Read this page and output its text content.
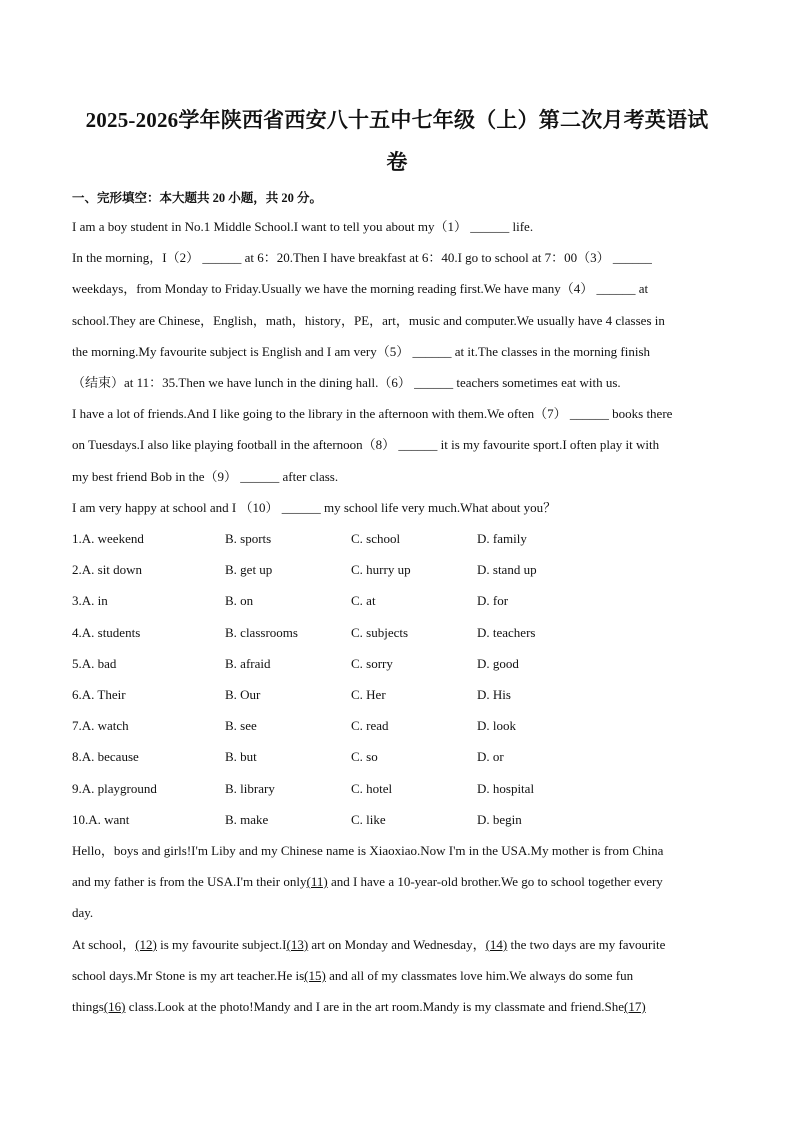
2025-2026学年陕西省西安八十五中七年级（上）第二次月考英语试
卷
一、完形填空：本大题共 20 小题，共 20 分。
I am a boy student in No.1 Middle School.I want to tell you about my（1） ______ life.
In the morning，I（2） ______ at 6：20.Then I have breakfast at 6：40.I go to school at 7：00（3） ______
weekdays，from Monday to Friday.Usually we have the morning reading first.We have many（4） ______ at
school.They are Chinese，English，math，history，PE，art，music and computer.We usually have 4 classes in
the morning.My favourite subject is English and I am very（5） ______ at it.The classes in the morning finish
（结束）at 11：35.Then we have lunch in the dining hall.（6） ______ teachers sometimes eat with us.
I have a lot of friends.And I like going to the library in the afternoon with them.We often（7） ______ books there
on Tuesdays.I also like playing football in the afternoon（8） ______ it is my favourite sport.I often play it with
my best friend Bob in the（9） ______ after class.
I am very happy at school and I （10） ______ my school life very much.What about you？
1.A. weekend	B. sports	C. school	D. family
2.A. sit down	B. get up	C. hurry up	D. stand up
3.A. in	B. on	C. at	D. for
4.A. students	B. classrooms	C. subjects	D. teachers
5.A. bad	B. afraid	C. sorry	D. good
6.A. Their	B. Our	C. Her	D. His
7.A. watch	B. see	C. read	D. look
8.A. because	B. but	C. so	D. or
9.A. playground	B. library	C. hotel	D. hospital
10.A. want	B. make	C. like	D. begin
Hello，boys and girls!I'm Liby and my Chinese name is Xiaoxiao.Now I'm in the USA.My mother is from China
and my father is from the USA.I'm their only(11) and I have a 10-year-old brother.We go to school together every
day.
At school，(12) is my favourite subject.I(13) art on Monday and Wednesday，(14) the two days are my favourite
school days.Mr Stone is my art teacher.He is(15) and all of my classmates love him.We always do some fun
things(16) class.Look at the photo!Mandy and I are in the art room.Mandy is my classmate and friend.She(17)
